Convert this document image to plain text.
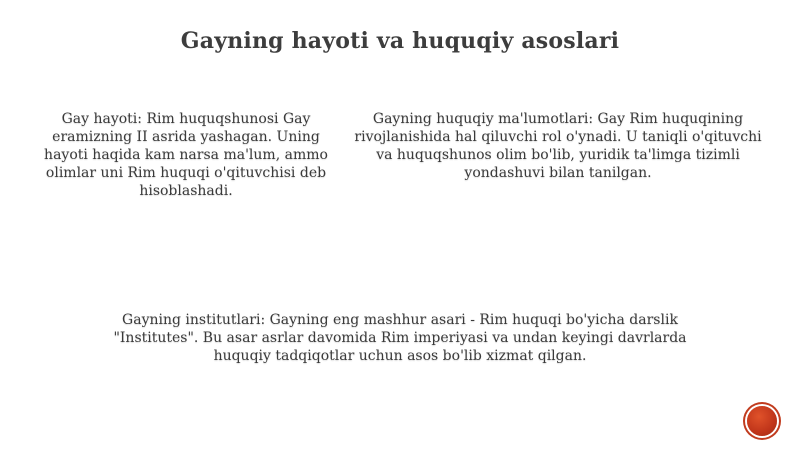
Gayning hayoti va huquqiy asoslari
Gay hayoti: Rim huquqshunosi Gay eramizning II asrida yashagan. Uning hayoti haqida kam narsa ma'lum, ammo olimlar uni Rim huquqi o'qituvchisi deb hisoblashadi.
Gayning huquqiy ma'lumotlari: Gay Rim huquqining rivojlanishida hal qiluvchi rol o'ynadi. U taniqli o'qituvchi va huquqshunos olim bo'lib, yuridik ta'limga tizimli yondashuvi bilan tanilgan.
Gayning institutlari: Gayning eng mashhur asari - Rim huquqi bo'yicha darslik "Institutes". Bu asar asrlar davomida Rim imperiyasi va undan keyingi davrlarda huquqiy tadqiqotlar uchun asos bo'lib xizmat qilgan.
